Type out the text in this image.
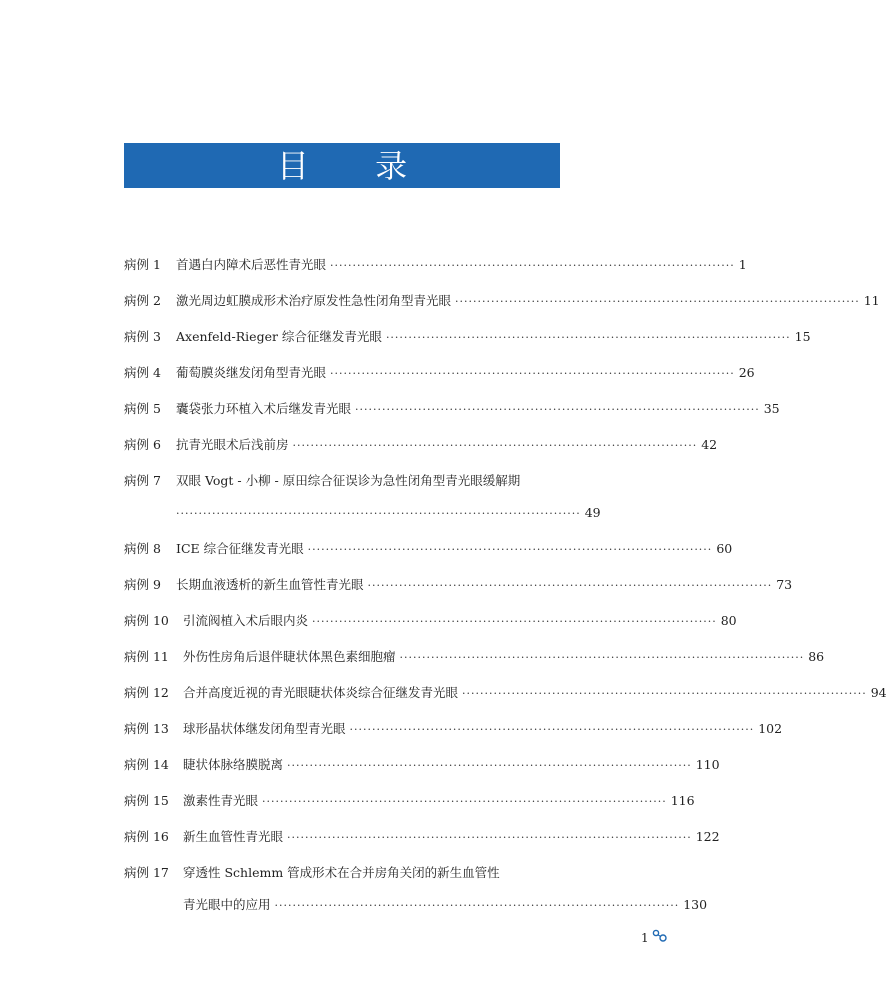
目 录
病例 1	首遇白内障术后恶性青光眼 ·························································································· 1
病例 2	激光周边虹膜成形术治疗原发性急性闭角型青光眼 ·························································································· 11
病例 3	Axenfeld-Rieger 综合征继发青光眼 ·························································································· 15
病例 4	葡萄膜炎继发闭角型青光眼 ·························································································· 26
病例 5	囊袋张力环植入术后继发青光眼 ·························································································· 35
病例 6	抗青光眼术后浅前房 ·························································································· 42
病例 7	双眼 Vogt - 小柳 - 原田综合征误诊为急性闭角型青光眼缓解期
·························································································· 49
病例 8	ICE 综合征继发青光眼 ·························································································· 60
病例 9	长期血液透析的新生血管性青光眼 ·························································································· 73
病例 10	引流阀植入术后眼内炎 ·························································································· 80
病例 11	外伤性房角后退伴睫状体黑色素细胞瘤 ·························································································· 86
病例 12	合并高度近视的青光眼睫状体炎综合征继发青光眼 ·························································································· 94
病例 13	球形晶状体继发闭角型青光眼 ·························································································· 102
病例 14	睫状体脉络膜脱离 ·························································································· 110
病例 15	激素性青光眼 ·························································································· 116
病例 16	新生血管性青光眼 ·························································································· 122
病例 17	穿透性 Schlemm 管成形术在合并房角关闭的新生血管性
青光眼中的应用 ·························································································· 130
1
